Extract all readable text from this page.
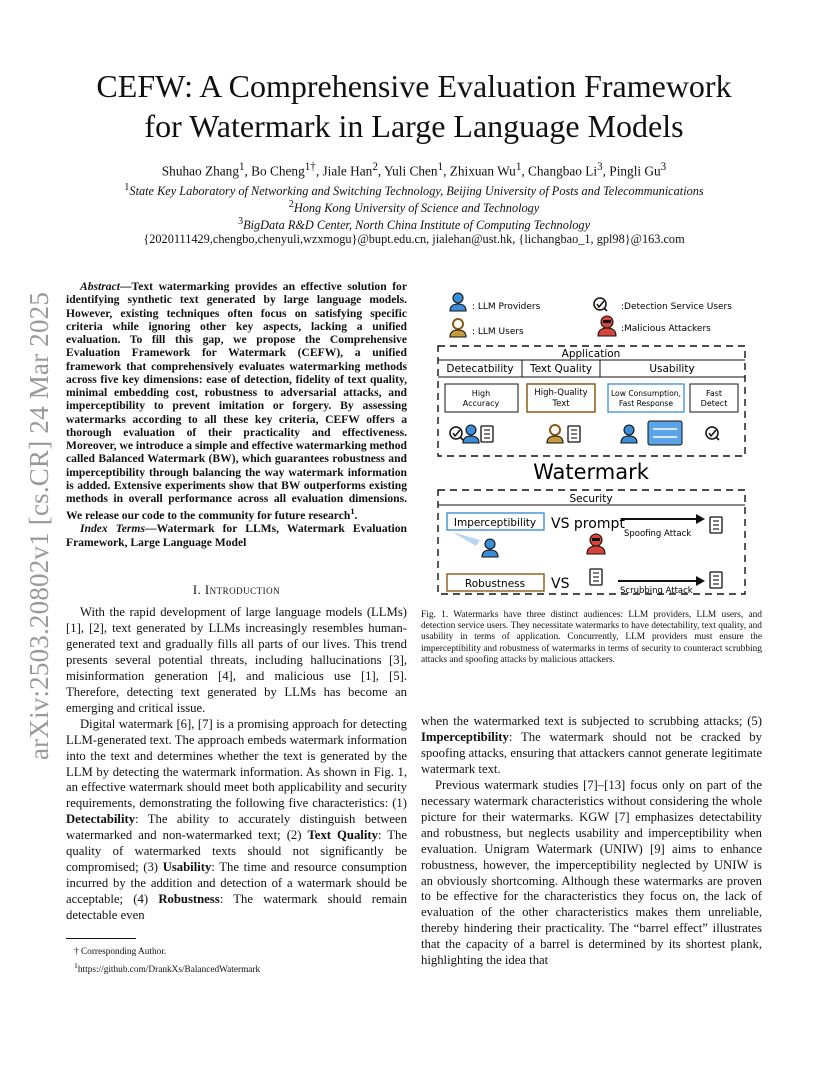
CEFW: A Comprehensive Evaluation Framework
for Watermark in Large Language Models
Shuhao Zhang$^1$, Bo Cheng$^{1\dagger}$, Jiale Han$^2$, Yuli Chen$^1$, Zhixuan Wu$^1$, Changbao Li$^3$, Pingli Gu$^3$
$^1$State Key Laboratory of Networking and Switching Technology, Beijing University of Posts and Telecommunications
$^2$Hong Kong University of Science and Technology
$^3$BigData R&D Center, North China Institute of Computing Technology
{2020111429,chengbo,chenyuli,wzxmogu}@bupt.edu.cn, jialehan@ust.hk, {lichangbao_1, gpl98}@163.com
arXiv:2503.20802v1 [cs.CR] 24 Mar 2025

Abstract—Text watermarking provides an effective solution for identifying synthetic text generated by large language models. However, existing techniques often focus on satisfying specific criteria while ignoring other key aspects, lacking a unified evaluation. To fill this gap, we propose the Comprehensive Evaluation Framework for Watermark (CEFW), a unified framework that comprehensively evaluates watermarking methods across five key dimensions: ease of detection, fidelity of text quality, minimal embedding cost, robustness to adversarial attacks, and imperceptibility to prevent imitation or forgery. By assessing watermarks according to all these key criteria, CEFW offers a thorough evaluation of their practicality and effectiveness. Moreover, we introduce a simple and effective watermarking method called Balanced Watermark (BW), which guarantees robustness and imperceptibility through balancing the way watermark information is added. Extensive experiments show that BW outperforms existing methods in overall performance across all evaluation dimensions. We release our code to the community for future research$^1$.

Index Terms—Watermark for LLMs, Watermark Evaluation Framework, Large Language Model

I. Introduction

With the rapid development of large language models (LLMs) [1], [2], text generated by LLMs increasingly resembles human-generated text and gradually fills all parts of our lives. This trend presents several potential threats, including hallucinations [3], misinformation generation [4], and malicious use [1], [5]. Therefore, detecting text generated by LLMs has become an emerging and critical issue.

Digital watermark [6], [7] is a promising approach for detecting LLM-generated text. The approach embeds watermark information into the text and determines whether the text is generated by the LLM by detecting the watermark information. As shown in Fig. 1, an effective watermark should meet both applicability and security requirements, demonstrating the following five characteristics: (1) Detectability: The ability to accurately distinguish between watermarked and non-watermarked text; (2) Text Quality: The quality of watermarked texts should not significantly be compromised; (3) Usability: The time and resource consumption incurred by the addition and detection of a watermark should be acceptable; (4) Robustness: The watermark should remain detectable even

† Corresponding Author.
$^1$https://github.com/DrankXs/BalancedWatermark
: LLM Providers
: LLM Users
:Detection Service Users
:Malicious Attackers
Application
Detecatbility Text Quality	Usability
High
Accuracy
High-Quality
Text
Low Consumption,
Fast Response
Fast
Detect
Watermark
Security
Imperceptibility VS prompt
Spoofing Attack
Robustness VS	Scrubbing Attack
Fig. 1. Watermarks have three distinct audiences: LLM providers, LLM users, and detection service users. They necessitate watermarks to have detectability, text quality, and usability in terms of application. Concurrently, LLM providers must ensure the imperceptibility and robustness of watermarks in terms of security to counteract scrubbing attacks and spoofing attacks by malicious attackers.

when the watermarked text is subjected to scrubbing attacks; (5) Imperceptibility: The watermark should not be cracked by spoofing attacks, ensuring that attackers cannot generate legitimate watermark text.

Previous watermark studies [7]–[13] focus only on part of the necessary watermark characteristics without considering the whole picture for their watermarks. KGW [7] emphasizes detectability and robustness, but neglects usability and imperceptibility when evaluation. Unigram Watermark (UNIW) [9] aims to enhance robustness, however, the imperceptibility neglected by UNIW is an obviously shortcoming. Although these watermarks are proven to be effective for the characteristics they focus on, the lack of evaluation of the other characteristics makes them unreliable, thereby hindering their practicality. The “barrel effect” illustrates that the capacity of a barrel is determined by its shortest plank, highlighting the idea that
